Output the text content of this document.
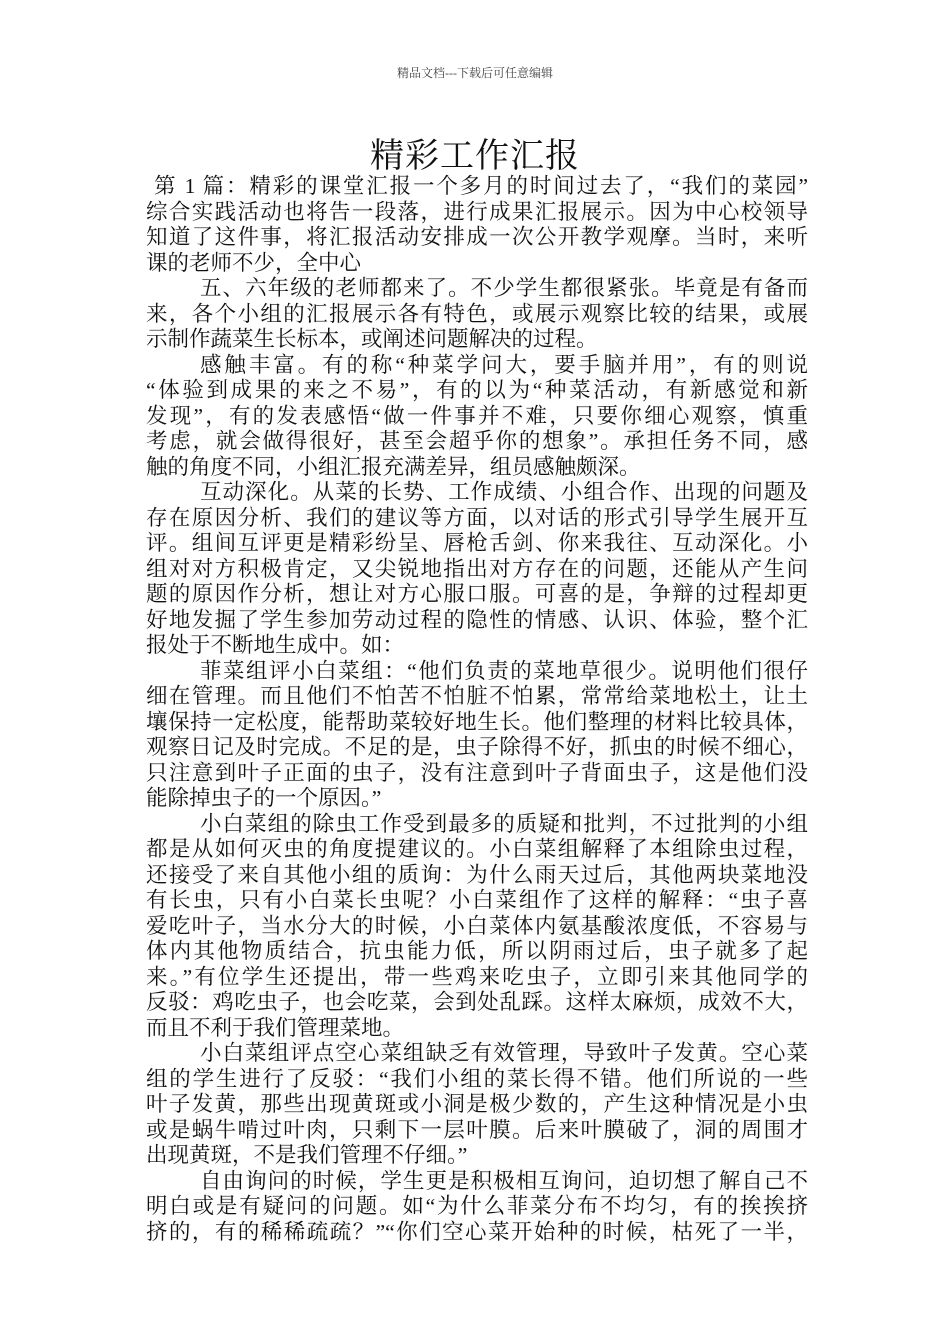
精品文档---下载后可任意编辑
精彩工作汇报
第 1 篇：精彩的课堂汇报一个多月的时间过去了，“我们的菜园”
综合实践活动也将告一段落，进行成果汇报展示。因为中心校领导
知道了这件事，将汇报活动安排成一次公开教学观摩。当时，来听
课的老师不少，全中心
五、六年级的老师都来了。不少学生都很紧张。毕竟是有备而
来，各个小组的汇报展示各有特色，或展示观察比较的结果，或展
示制作蔬菜生长标本，或阐述问题解决的过程。
感触丰富。有的称“种菜学问大，要手脑并用”，有的则说
“体验到成果的来之不易”，有的以为“种菜活动，有新感觉和新
发现”，有的发表感悟“做一件事并不难，只要你细心观察，慎重
考虑，就会做得很好，甚至会超乎你的想象”。承担任务不同，感
触的角度不同，小组汇报充满差异，组员感触颇深。
互动深化。从菜的长势、工作成绩、小组合作、出现的问题及
存在原因分析、我们的建议等方面，以对话的形式引导学生展开互
评。组间互评更是精彩纷呈、唇枪舌剑、你来我往、互动深化。小
组对对方积极肯定，又尖锐地指出对方存在的问题，还能从产生问
题的原因作分析，想让对方心服口服。可喜的是，争辩的过程却更
好地发掘了学生参加劳动过程的隐性的情感、认识、体验，整个汇
报处于不断地生成中。如：
菲菜组评小白菜组：“他们负责的菜地草很少。说明他们很仔
细在管理。而且他们不怕苦不怕脏不怕累，常常给菜地松土，让土
壤保持一定松度，能帮助菜较好地生长。他们整理的材料比较具体，
观察日记及时完成。不足的是，虫子除得不好，抓虫的时候不细心，
只注意到叶子正面的虫子，没有注意到叶子背面虫子，这是他们没
能除掉虫子的一个原因。”
小白菜组的除虫工作受到最多的质疑和批判，不过批判的小组
都是从如何灭虫的角度提建议的。小白菜组解释了本组除虫过程，
还接受了来自其他小组的质询：为什么雨天过后，其他两块菜地没
有长虫，只有小白菜长虫呢？小白菜组作了这样的解释：“虫子喜
爱吃叶子，当水分大的时候，小白菜体内氨基酸浓度低，不容易与
体内其他物质结合，抗虫能力低，所以阴雨过后，虫子就多了起
来。”有位学生还提出，带一些鸡来吃虫子，立即引来其他同学的
反驳：鸡吃虫子，也会吃菜，会到处乱踩。这样太麻烦，成效不大，
而且不利于我们管理菜地。
小白菜组评点空心菜组缺乏有效管理，导致叶子发黄。空心菜
组的学生进行了反驳：“我们小组的菜长得不错。他们所说的一些
叶子发黄，那些出现黄斑或小洞是极少数的，产生这种情况是小虫
或是蜗牛啃过叶肉，只剩下一层叶膜。后来叶膜破了，洞的周围才
出现黄斑，不是我们管理不仔细。”
自由询问的时候，学生更是积极相互询问，迫切想了解自己不
明白或是有疑问的问题。如“为什么菲菜分布不均匀，有的挨挨挤
挤的，有的稀稀疏疏？”“你们空心菜开始种的时候，枯死了一半，
